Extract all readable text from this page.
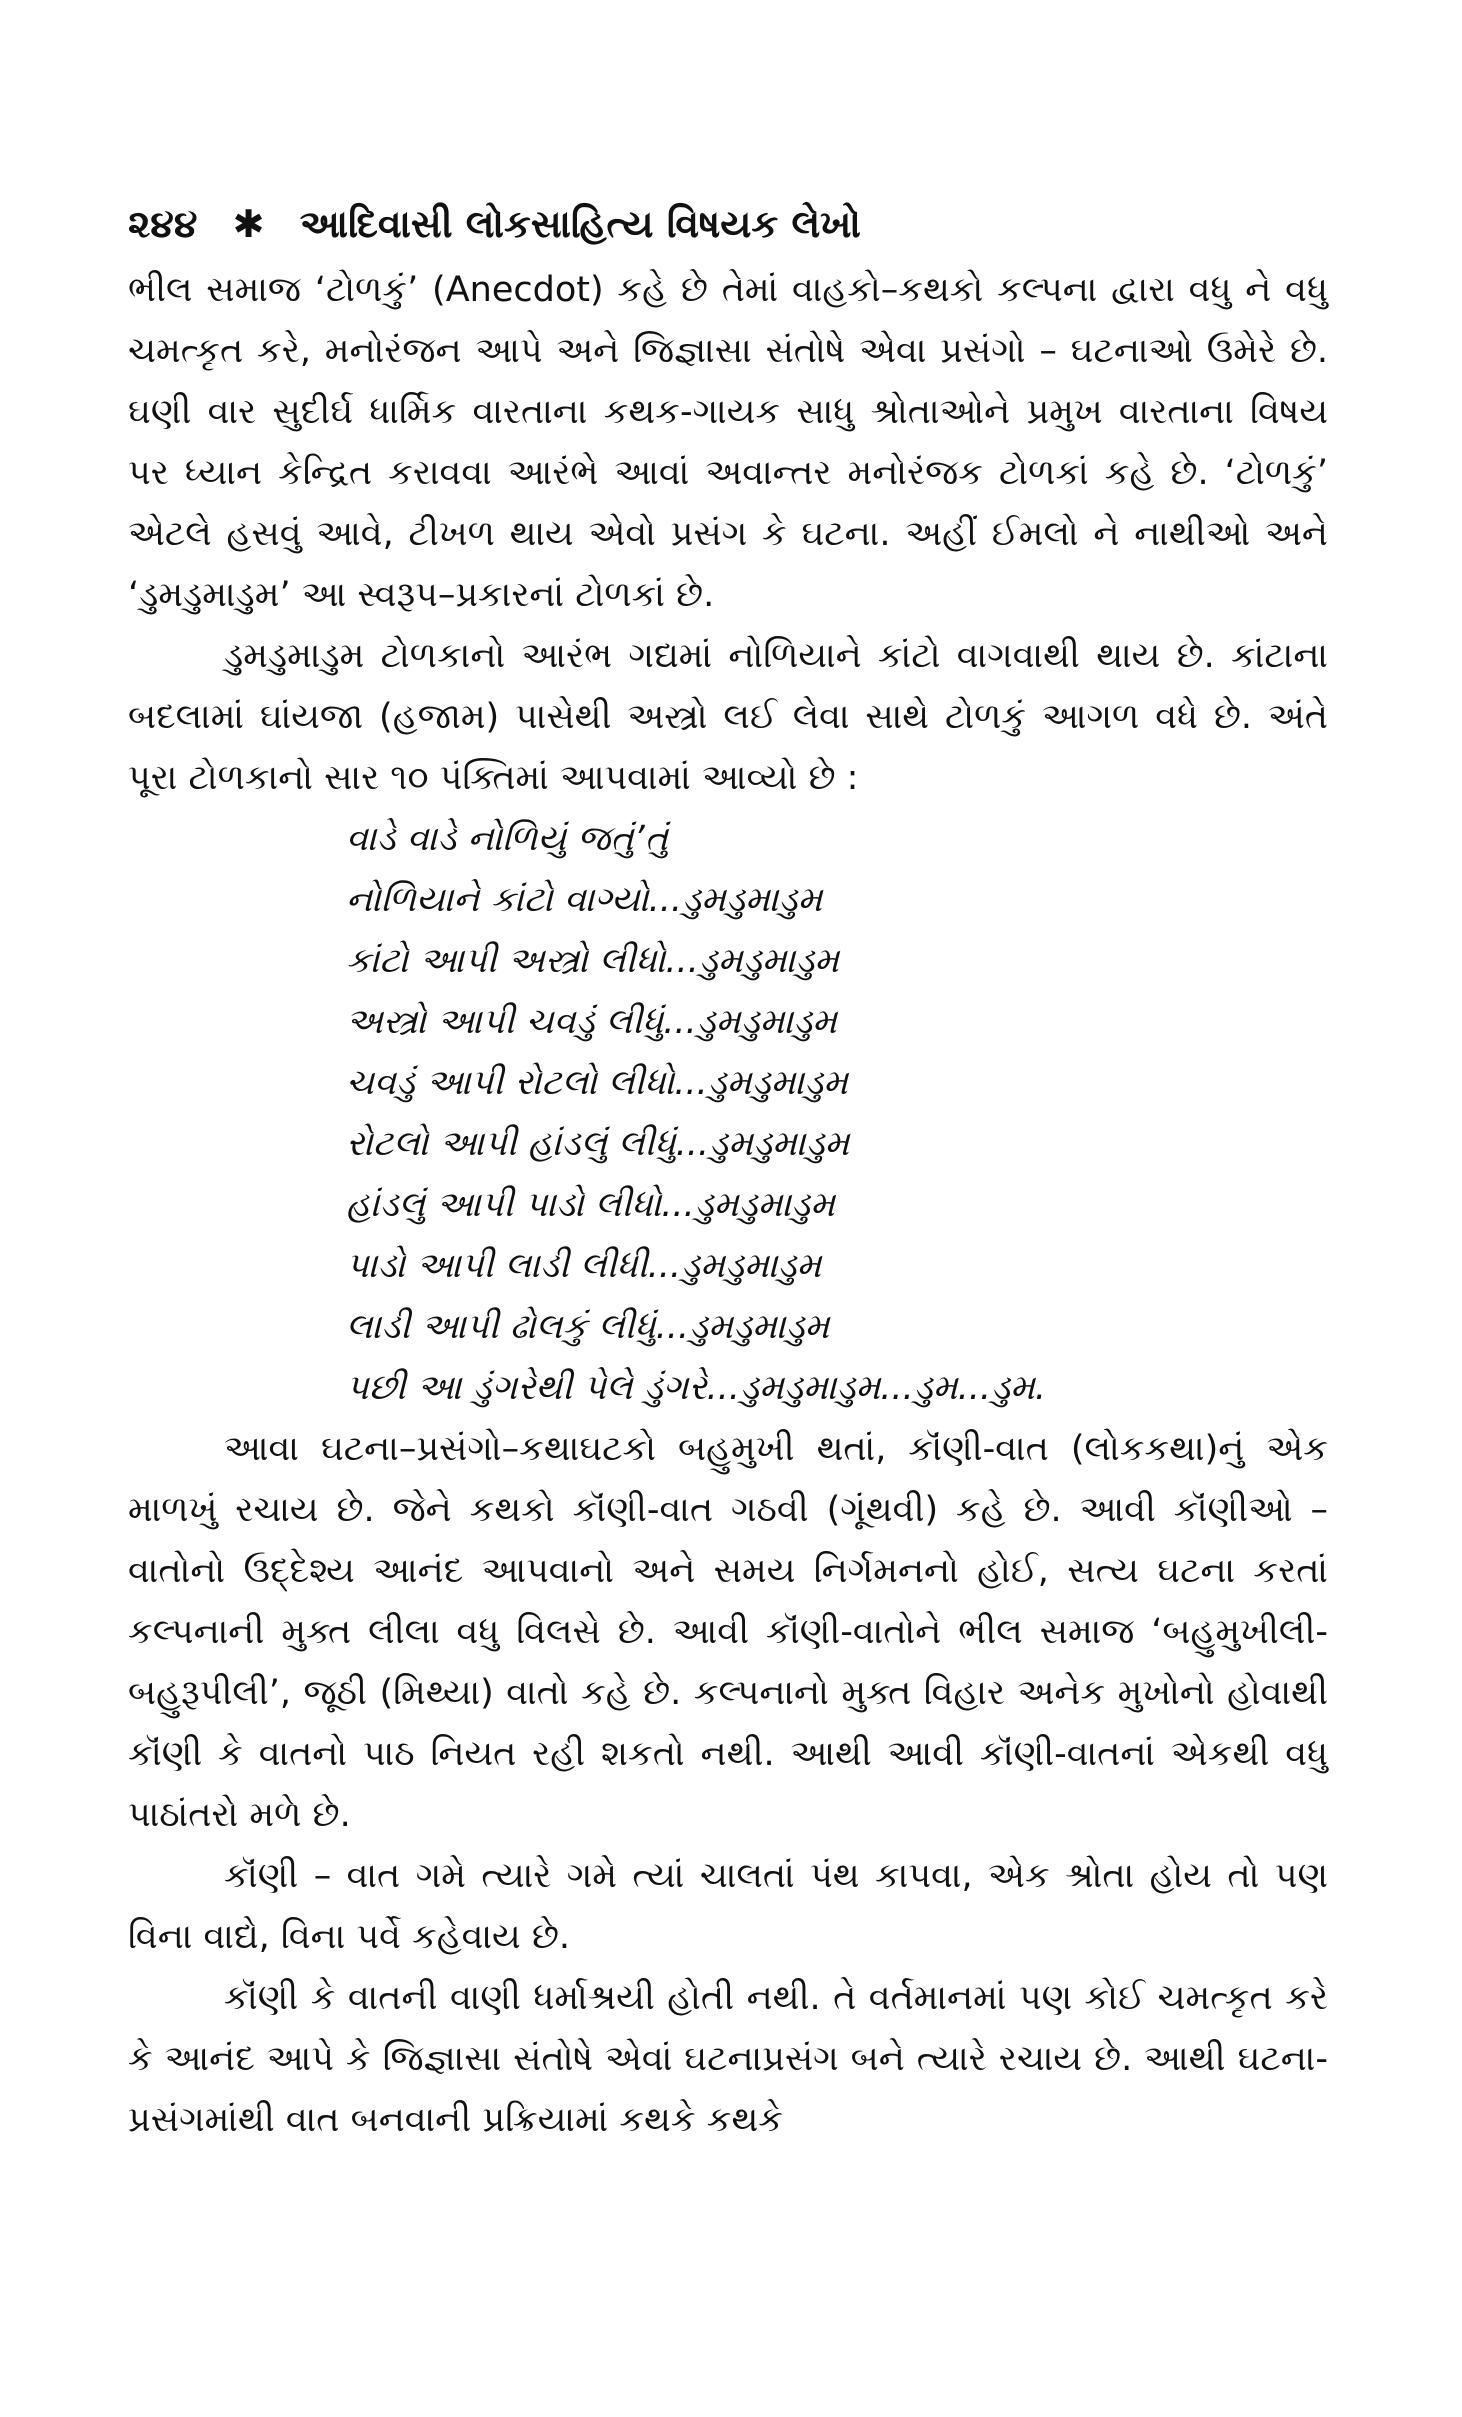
૨૪૪ ✱ આદિવાસી લોકસાહિત્ય વિષયક લેખો

ભીલ સમાજ ‘ટોળકું’ (Anecdot) કહે છે તેમાં વાહકો–કથકો કલ્પના દ્વારા વધુ ને વધુ ચમત્કૃત કરે, મનોરંજન આપે અને જિજ્ઞાસા સંતોષે એવા પ્રસંગો – ઘટનાઓ ઉમેરે છે. ઘણી વાર સુદીર્ઘ ધાર્મિક વારતાના કથક-ગાયક સાધુ શ્રોતાઓને પ્રમુખ વારતાના વિષય પર ધ્યાન કેન્દ્રિત કરાવવા આરંભે આવાં અવાન્તર મનોરંજક ટોળકાં કહે છે. ‘ટોળકું’ એટલે હસવું આવે, ટીખળ થાય એવો પ્રસંગ કે ઘટના. અહીં ઈમલો ને નાથીઓ અને ‘ડુમડુમાડુમ’ આ સ્વરૂપ–પ્રકારનાં ટોળકાં છે.

ડુમડુમાડુમ ટોળકાનો આરંભ ગદ્યમાં નોળિયાને કાંટો વાગવાથી થાય છે. કાંટાના બદલામાં ઘાંયજા (હજામ) પાસેથી અસ્ત્રો લઈ લેવા સાથે ટોળકું આગળ વધે છે. અંતે પૂરા ટોળકાનો સાર ૧૦ પંક્તિમાં આપવામાં આવ્યો છે :

વાડે વાડે નોળિયું જતું’તું
નોળિયાને કાંટો વાગ્યો...ડુમડુમાડુમ
કાંટો આપી અસ્ત્રો લીધો...ડુમડુમાડુમ
અસ્ત્રો આપી ચવડું લીધું...ડુમડુમાડુમ
ચવડું આપી રોટલો લીધો...ડુમડુમાડુમ
રોટલો આપી હાંડલું લીધું...ડુમડુમાડુમ
હાંડલું આપી પાડો લીધો...ડુમડુમાડુમ
પાડો આપી લાડી લીધી...ડુમડુમાડુમ
લાડી આપી ઢોલકું લીધું...ડુમડુમાડુમ
પછી આ ડુંગરેથી પેલે ડુંગરે...ડુમડુમાડુમ...ડુમ...ડુમ.

આવા ઘટના–પ્રસંગો–કથાઘટકો બહુમુખી થતાં, કૉંણી-વાત (લોકકથા)નું એક માળખું રચાય છે. જેને કથકો કૉંણી-વાત ગઠવી (ગૂંથવી) કહે છે. આવી કૉંણીઓ – વાતોનો ઉદ્દેશ્ય આનંદ આપવાનો અને સમય નિર્ગમનનો હોઈ, સત્ય ઘટના કરતાં કલ્પનાની મુક્ત લીલા વધુ વિલસે છે. આવી કૉંણી-વાતોને ભીલ સમાજ ‘બહુમુખીલી-બહુરૂપીલી’, જૂઠી (મિથ્યા) વાતો કહે છે. કલ્પનાનો મુક્ત વિહાર અનેક મુખોનો હોવાથી કૉંણી કે વાતનો પાઠ નિયત રહી શકતો નથી. આથી આવી કૉંણી-વાતનાં એકથી વધુ પાઠાંતરો મળે છે.

કૉંણી – વાત ગમે ત્યારે ગમે ત્યાં ચાલતાં પંથ કાપવા, એક શ્રોતા હોય તો પણ વિના વાદ્યે, વિના પર્વે કહેવાય છે.

કૉંણી કે વાતની વાણી ધર્માશ્રયી હોતી નથી. તે વર્તમાનમાં પણ કોઈ ચમત્કૃત કરે કે આનંદ આપે કે જિજ્ઞાસા સંતોષે એવાં ઘટનાપ્રસંગ બને ત્યારે રચાય છે. આથી ઘટના-પ્રસંગમાંથી વાત બનવાની પ્રક્રિયામાં કથકે કથકે
